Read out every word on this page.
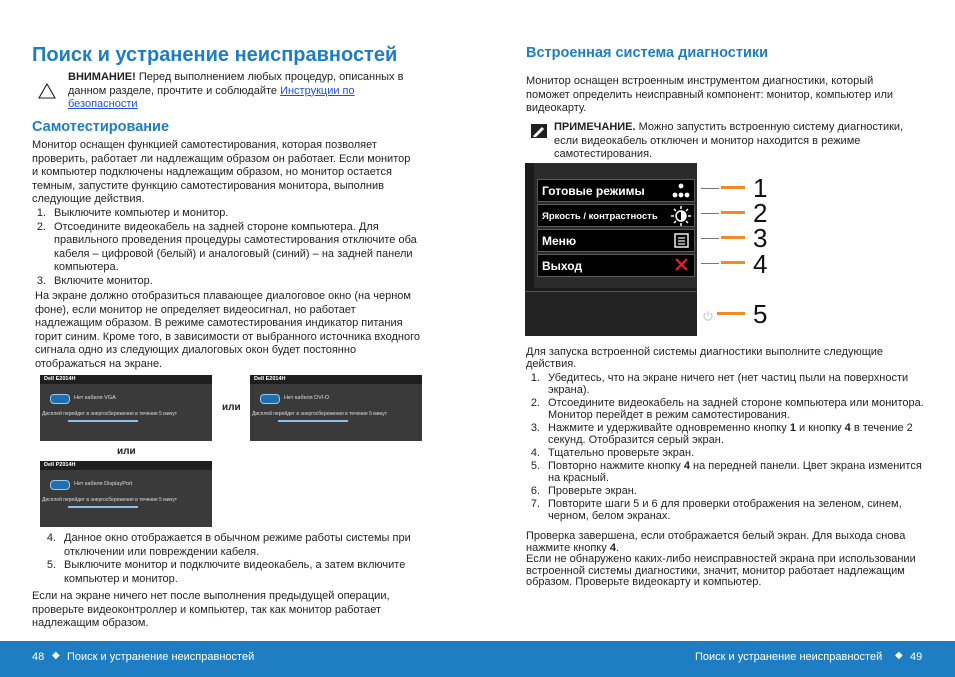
Поиск и устранение неисправностей
ВНИМАНИЕ! Перед выполнением любых процедур, описанных в данном разделе, прочтите и соблюдайте Инструкции по безопасности
Самотестирование
Монитор оснащен функцией самотестирования, которая позволяет проверить, работает ли надлежащим образом он работает. Если монитор и компьютер подключены надлежащим образом, но монитор остается темным, запустите функцию самотестирования монитора, выполнив следующие действия.
1. Выключите компьютер и монитор.
2. Отсоедините видеокабель на задней стороне компьютера. Для правильного проведения процедуры самотестирования отключите оба кабеля – цифровой (белый) и аналоговый (синий) – на задней панели компьютера.
3. Включите монитор.
На экране должно отобразиться плавающее диалоговое окно (на черном фоне), если монитор не определяет видеосигнал, но работает надлежащим образом. В режиме самотестирования индикатор питания горит синим. Кроме того, в зависимости от выбранного источника входного сигнала одно из следующих диалоговых окон будет постоянно отображаться на экране.
Dell E2014H
Нет кабеля VGA
Дисплей перейдет в энергосбережения в течение 5 минут
или
Dell E2014H
Нет кабеля DVI-D
Дисплей перейдет в энергосбережения в течение 5 минут
или
Dell P2014H
Нет кабеля DisplayPort
Дисплей перейдет в энергосбережения в течение 5 минут
4. Данное окно отображается в обычном режиме работы системы при отключении или повреждении кабеля.
5. Выключите монитор и подключите видеокабель, а затем включите компьютер и монитор.
Если на экране ничего нет после выполнения предыдущей операции, проверьте видеоконтроллер и компьютер, так как монитор работает надлежащим образом.
Встроенная система диагностики
Монитор оснащен встроенным инструментом диагностики, который поможет определить неисправный компонент: монитор, компьютер или видеокарту.
ПРИМЕЧАНИЕ. Можно запустить встроенную систему диагностики, если видеокабель отключен и монитор находится в режиме самотестирования.
Готовые режимы
Яркость / контрастность
Меню
Выход
1
2
3
4
5
Для запуска встроенной системы диагностики выполните следующие действия.
1. Убедитесь, что на экране ничего нет (нет частиц пыли на поверхности экрана).
2. Отсоедините видеокабель на задней стороне компьютера или монитора. Монитор перейдет в режим самотестирования.
3. Нажмите и удерживайте одновременно кнопку 1 и кнопку 4 в течение 2 секунд. Отобразится серый экран.
4. Тщательно проверьте экран.
5. Повторно нажмите кнопку 4 на передней панели. Цвет экрана изменится на красный.
6. Проверьте экран.
7. Повторите шаги 5 и 6 для проверки отображения на зеленом, синем, черном, белом экранах.
Проверка завершена, если отображается белый экран. Для выхода снова нажмите кнопку 4.
Если не обнаружено каких-либо неисправностей экрана при использовании встроенной системы диагностики, значит, монитор работает надлежащим образом. Проверьте видеокарту и компьютер.
48 ◆ Поиск и устранение неисправностей	Поиск и устранение неисправностей ◆ 49
